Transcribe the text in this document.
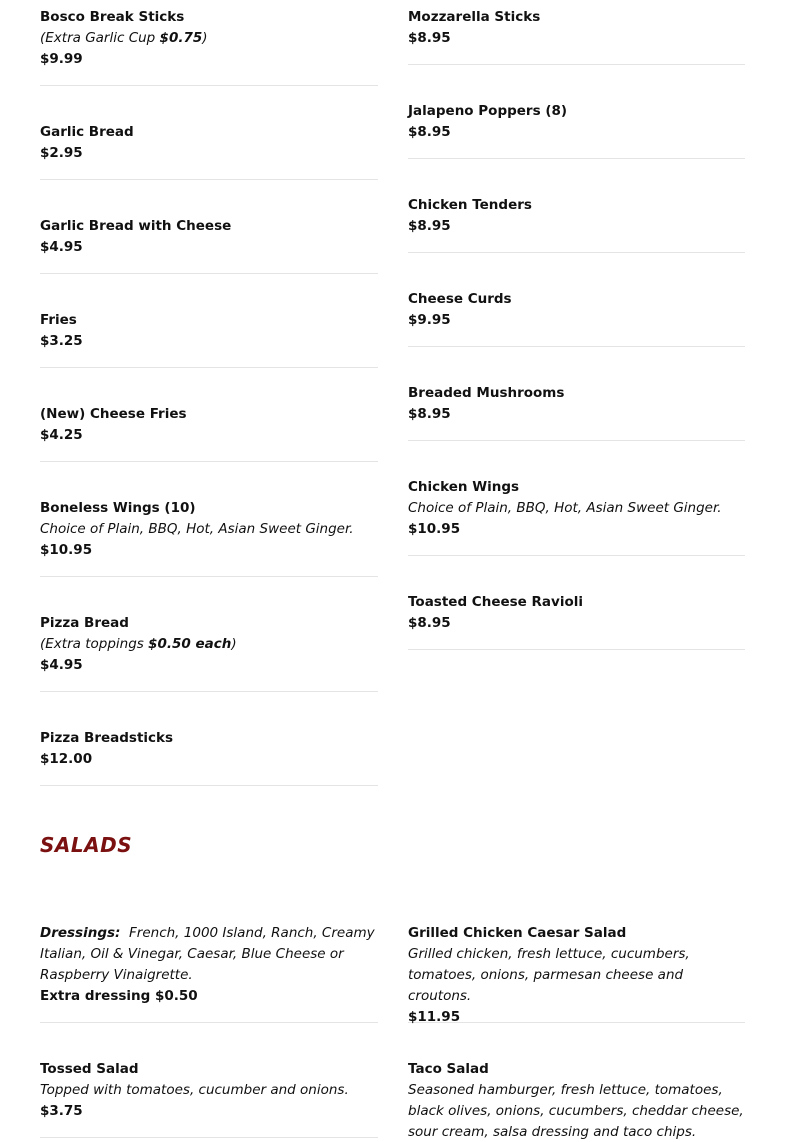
Bosco Break Sticks
(Extra Garlic Cup $0.75)
$9.99
Garlic Bread
$2.95
Garlic Bread with Cheese
$4.95
Fries
$3.25
(New) Cheese Fries
$4.25
Boneless Wings (10)
Choice of Plain, BBQ, Hot, Asian Sweet Ginger.
$10.95
Pizza Bread
(Extra toppings $0.50 each)
$4.95
Pizza Breadsticks
$12.00
Mozzarella Sticks
$8.95
Jalapeno Poppers (8)
$8.95
Chicken Tenders
$8.95
Cheese Curds
$9.95
Breaded Mushrooms
$8.95
Chicken Wings
Choice of Plain, BBQ, Hot, Asian Sweet Ginger.
$10.95
Toasted Cheese Ravioli
$8.95
SALADS
Dressings: French, 1000 Island, Ranch, Creamy Italian, Oil & Vinegar, Caesar, Blue Cheese or Raspberry Vinaigrette.
Extra dressing $0.50
Tossed Salad
Topped with tomatoes, cucumber and onions.
$3.75
Grilled Chicken Caesar Salad
Grilled chicken, fresh lettuce, cucumbers, tomatoes, onions, parmesan cheese and croutons.
$11.95
Taco Salad
Seasoned hamburger, fresh lettuce, tomatoes, black olives, onions, cucumbers, cheddar cheese, sour cream, salsa dressing and taco chips.
